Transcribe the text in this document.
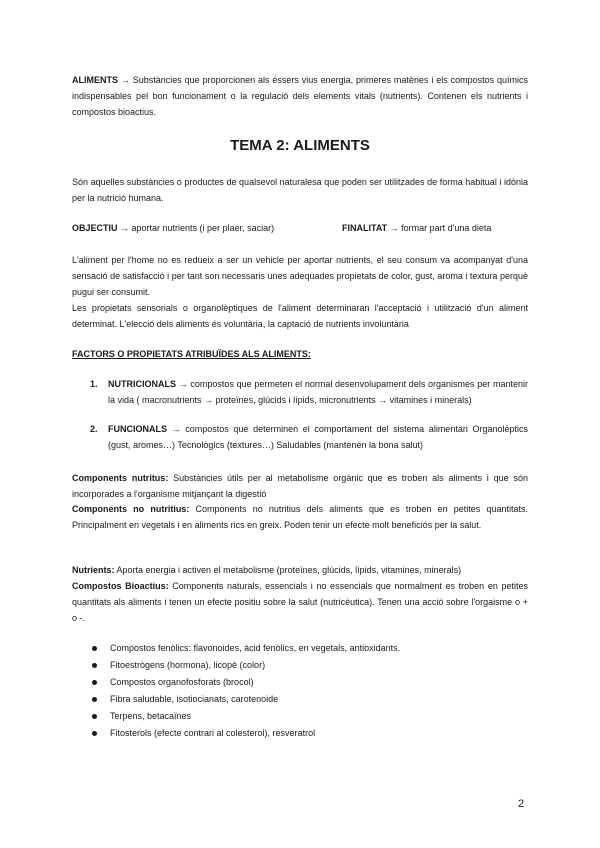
ALIMENTS → Substàncies que proporcionen als éssers vius energia, primeres matèries i els compostos químics indispensables pel bon funcionament o la regulació dels elements vitals (nutrients). Contenen els nutrients i compostos bioactius.

TEMA 2: ALIMENTS

Són aquelles substàncies o productes de qualsevol naturalesa que poden ser utilitzades de forma habitual i idònia per la nutrició humana.

OBJECTIU → aportar nutrients (i per plaer, saciar)	FINALITAT → formar part d'una dieta

L'aliment per l'home no es redueix a ser un vehicle per aportar nutrients, el seu consum va acompanyat d'una sensació de satisfacció i per tant son necessaris unes adequades propietats de color, gust, aroma i textura perquè pugui ser consumit.

Les propietats sensorials o organolèptiques de l'aliment determinaran l'acceptació i utilització d'un aliment determinat. L'elecció dels aliments és voluntària, la captació de nutrients involuntària

FACTORS O PROPIETATS ATRIBUÏDES ALS ALIMENTS:

1. NUTRICIONALS → compostos que permeten el normal desenvolupament dels organismes per mantenir la vida ( macronutrients → proteïnes, glúcids i lípids, micronutrients → vitamines i minerals)
2. FUNCIONALS → compostos que determinen el comportament del sistema alimentari Organolèptics (gust, aromes…) Tecnològics (textures…) Saludables (mantenen la bona salut)

Components nutritus: Substàncies útils per al metabolisme orgànic que es troben als aliments i que són incorporades a l'organisme mitjançant la digestió

Components no nutritius: Components no nutritius dels aliments que es troben en petites quantitats. Principalment en vegetals i en aliments rics en greix. Poden tenir un efecte molt beneficiós per la salut.

Nutrients: Aporta energia i activen el metabolisme (proteïnes, glúcids, lípids, vitamines, minerals)

Compostos Bioactius: Components naturals, essencials i no essencials que normalment es troben en petites quantitats als aliments i tenen un efecte positiu sobre la salut (nutricèutica). Tenen una acció sobre l'orgaisme o + o -.

Compostos fenòlics: flavonoides, àcid fenòlics, en vegetals, antioxidants.
Fitoestrògens (hormona), licopè (color)
Compostos organofosforats (brocol)
Fibra saludable, isotiocianats, carotenoide
Terpens, betacaïnes
Fitosterols (efecte contrari al colesterol), resveratrol
2
